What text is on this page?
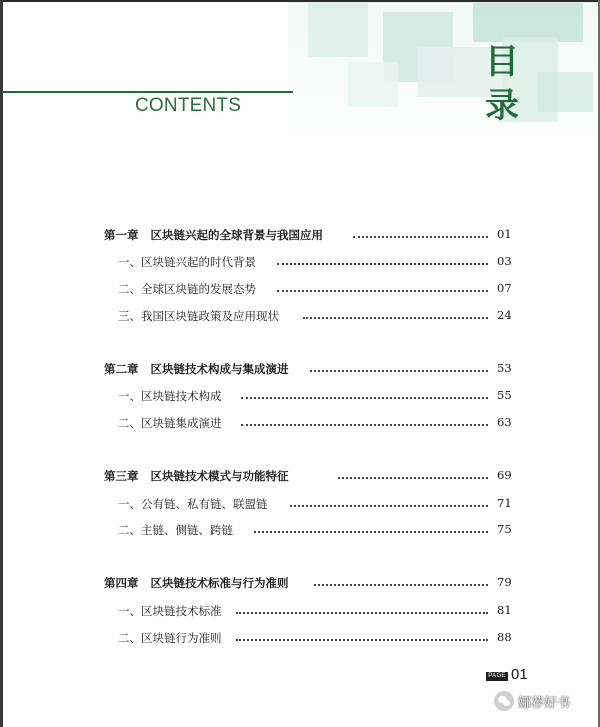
CONTENTS
目录
第一章 区块链兴起的全球背景与我国应用	01
一、区块链兴起的时代背景	03
二、全球区块链的发展态势	07
三、我国区块链政策及应用现状	24
第二章 区块链技术构成与集成演进	53
一、区块链技术构成	55
二、区块链集成演进	63
第三章 区块链技术模式与功能特征	69
一、公有链、私有链、联盟链	71
二、主链、侧链、跨链	75
第四章 区块链技术标准与行为准则	79
一、区块链技术标准	81
二、区块链行为准则	88
PAGE 01
娜荐好书
